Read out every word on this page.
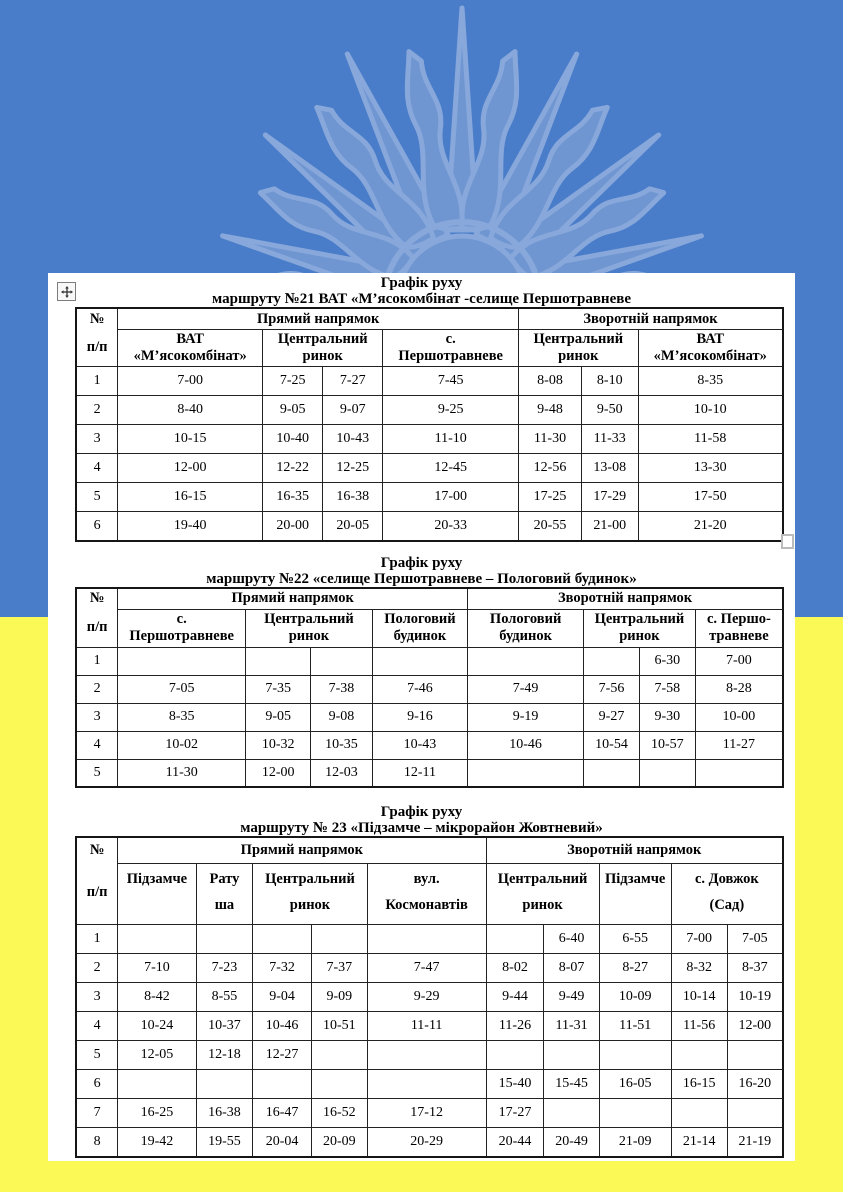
Графік руху
маршруту №21 ВАТ «М’ясокомбінат -селище Першотравневе
№
п/п	Прямий напрямок				Зворотній напрямок		

ВАТ
«М’ясокомбінат»

Центральний
ринок

с.
Першотравневе

Центральний
ринок

ВАТ
«М’ясокомбінат»

1	7-00	7-25	7-27	7-45	8-08	8-10	8-35
2	8-40	9-05	9-07	9-25	9-48	9-50	10-10
3	10-15	10-40	10-43	11-10	11-30	11-33	11-58
4	12-00	12-22	12-25	12-45	12-56	13-08	13-30
5	16-15	16-35	16-38	17-00	17-25	17-29	17-50
6	19-40	20-00	20-05	20-33	20-55	21-00	21-20
Графік руху
маршруту №22 «селище Першотравневе – Пологовий будинок»
№
п/п	Прямий напрямок				Зворотній напрямок			

с.
Першотравневе

Центральний
ринок

Пологовий
будинок

Пологовий
будинок

Центральний
ринок

с. Першо-
травневе

1							6-30	7-00
2	7-05	7-35	7-38	7-46	7-49	7-56	7-58	8-28
3	8-35	9-05	9-08	9-16	9-19	9-27	9-30	10-00
4	10-02	10-32	10-35	10-43	10-46	10-54	10-57	11-27
5	11-30	12-00	12-03	12-11				
Графік руху
маршруту № 23 «Підзамче – мікрорайон Жовтневий»
№
п/п	Прямий напрямок					Зворотній напрямок				

Підзамче	Рату
ша

Центральний
ринок

вул.
Космонавтів

Центральний
ринок

Підзамче	с. Довжок
(Сад)

1							6-40	6-55	7-00	7-05
2	7-10	7-23	7-32	7-37	7-47	8-02	8-07	8-27	8-32	8-37
3	8-42	8-55	9-04	9-09	9-29	9-44	9-49	10-09	10-14	10-19
4	10-24	10-37	10-46	10-51	11-11	11-26	11-31	11-51	11-56	12-00
5	12-05	12-18	12-27							
6						15-40	15-45	16-05	16-15	16-20
7	16-25	16-38	16-47	16-52	17-12	17-27				
8	19-42	19-55	20-04	20-09	20-29	20-44	20-49	21-09	21-14	21-19
